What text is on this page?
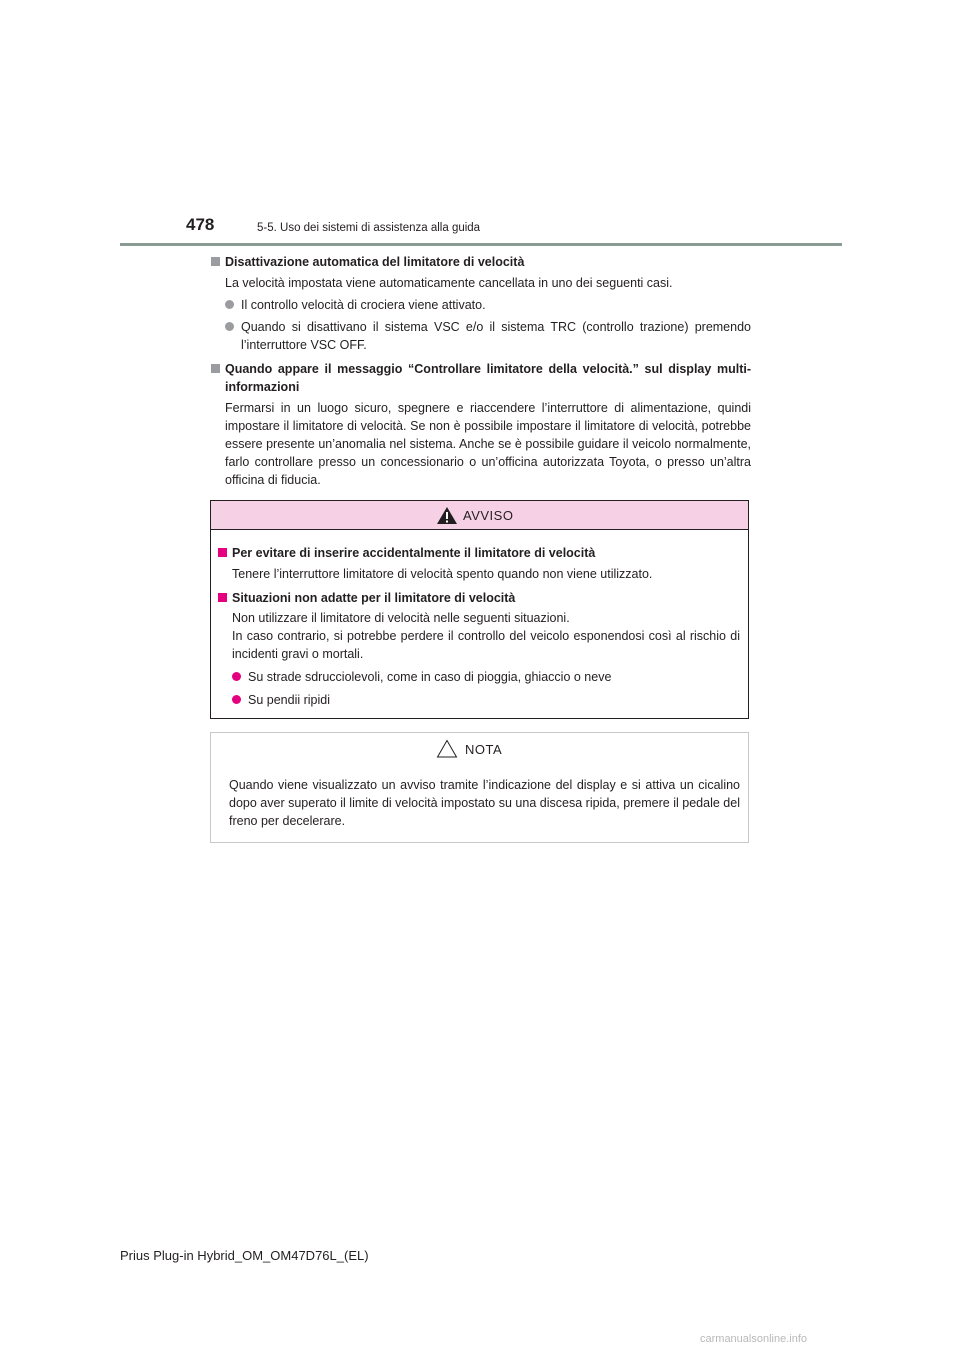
478	5-5. Uso dei sistemi di assistenza alla guida
Disattivazione automatica del limitatore di velocità
La velocità impostata viene automaticamente cancellata in uno dei seguenti casi.
Il controllo velocità di crociera viene attivato.
Quando si disattivano il sistema VSC e/o il sistema TRC (controllo trazione) premendo l’interruttore VSC OFF.
Quando appare il messaggio “Controllare limitatore della velocità.” sul display multi-informazioni
Fermarsi in un luogo sicuro, spegnere e riaccendere l’interruttore di alimentazione, quindi impostare il limitatore di velocità. Se non è possibile impostare il limitatore di velocità, potrebbe essere presente un’anomalia nel sistema. Anche se è possibile guidare il veicolo normalmente, farlo controllare presso un concessionario o un’officina autorizzata Toyota, o presso un’altra officina di fiducia.
AVVISO
Per evitare di inserire accidentalmente il limitatore di velocità
Tenere l’interruttore limitatore di velocità spento quando non viene utilizzato.
Situazioni non adatte per il limitatore di velocità
Non utilizzare il limitatore di velocità nelle seguenti situazioni.
In caso contrario, si potrebbe perdere il controllo del veicolo esponendosi così al rischio di incidenti gravi o mortali.
Su strade sdrucciolevoli, come in caso di pioggia, ghiaccio o neve
Su pendii ripidi
NOTA
Quando viene visualizzato un avviso tramite l’indicazione del display e si attiva un cicalino dopo aver superato il limite di velocità impostato su una discesa ripida, premere il pedale del freno per decelerare.
Prius Plug-in Hybrid_OM_OM47D76L_(EL)
carmanualsonline.info
